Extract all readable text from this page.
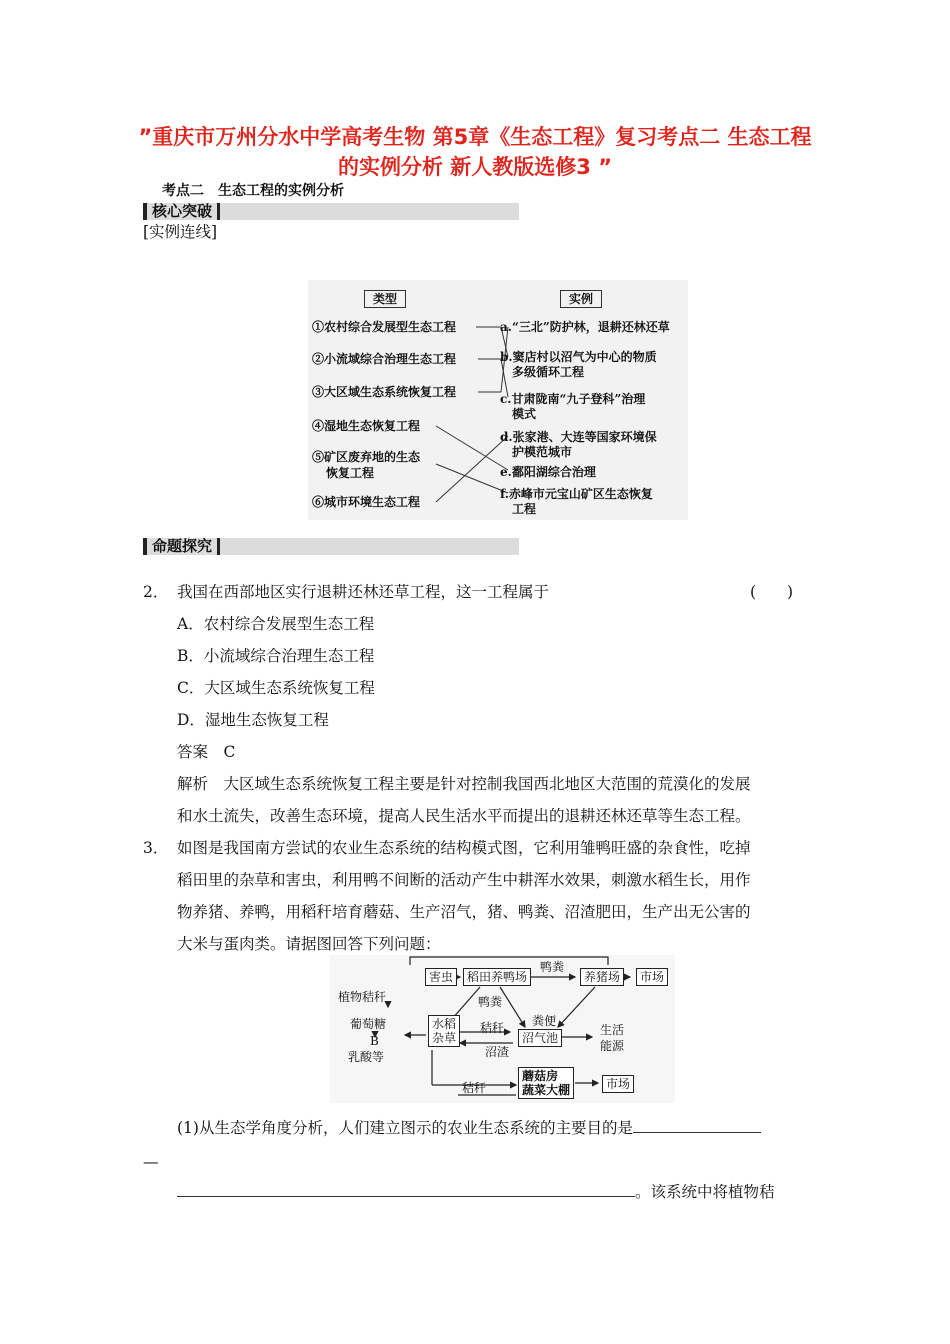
”重庆市万州分水中学高考生物 第5章《生态工程》复习考点二 生态工程的实例分析 新人教版选修3 ”
考点二　生态工程的实例分析
核心突破
[实例连线]
类型	实例
①农村综合发展型生态工程
②小流域综合治理生态工程
③大区域生态系统恢复工程
④湿地生态恢复工程
⑤矿区废弃地的生态
恢复工程
⑥城市环境生态工程
a.“三北”防护林，退耕还林还草
b.窦店村以沼气为中心的物质
多级循环工程
c.甘肃陇南“九子登科”治理
模式
d.张家港、大连等国家环境保
护模范城市
e.鄱阳湖综合治理
f.赤峰市元宝山矿区生态恢复
工程
命题探究
2． 我国在西部地区实行退耕还林还草工程，这一工程属于	(　　)
A．农村综合发展型生态工程
B．小流域综合治理生态工程
C．大区域生态系统恢复工程
D．湿地生态恢复工程
答案　C
解析　大区域生态系统恢复工程主要是针对控制我国西北地区大范围的荒漠化的发展
和水土流失，改善生态环境，提高人民生活水平而提出的退耕还林还草等生态工程。
3． 如图是我国南方尝试的农业生态系统的结构模式图，它利用雏鸭旺盛的杂食性，吃掉
稻田里的杂草和害虫，利用鸭不间断的活动产生中耕浑水效果，刺激水稻生长，用作
物养猪、养鸭，用稻秆培育蘑菇、生产沼气，猪、鸭粪、沼渣肥田，生产出无公害的
大米与蛋肉类。请据图回答下列问题：
害虫	稻田养鸭场	养猪场	市场
植物秸秆
葡萄糖
B
乳酸等
水稻
杂草	沼气池
生活
能源
蘑菇房
蔬菜大棚	市场
鸭粪
鸭粪
秸秆 粪便
沼渣
秸秆
(1)从生态学角度分析，人们建立图示的农业生态系统的主要目的是
—
。该系统中将植物秸
